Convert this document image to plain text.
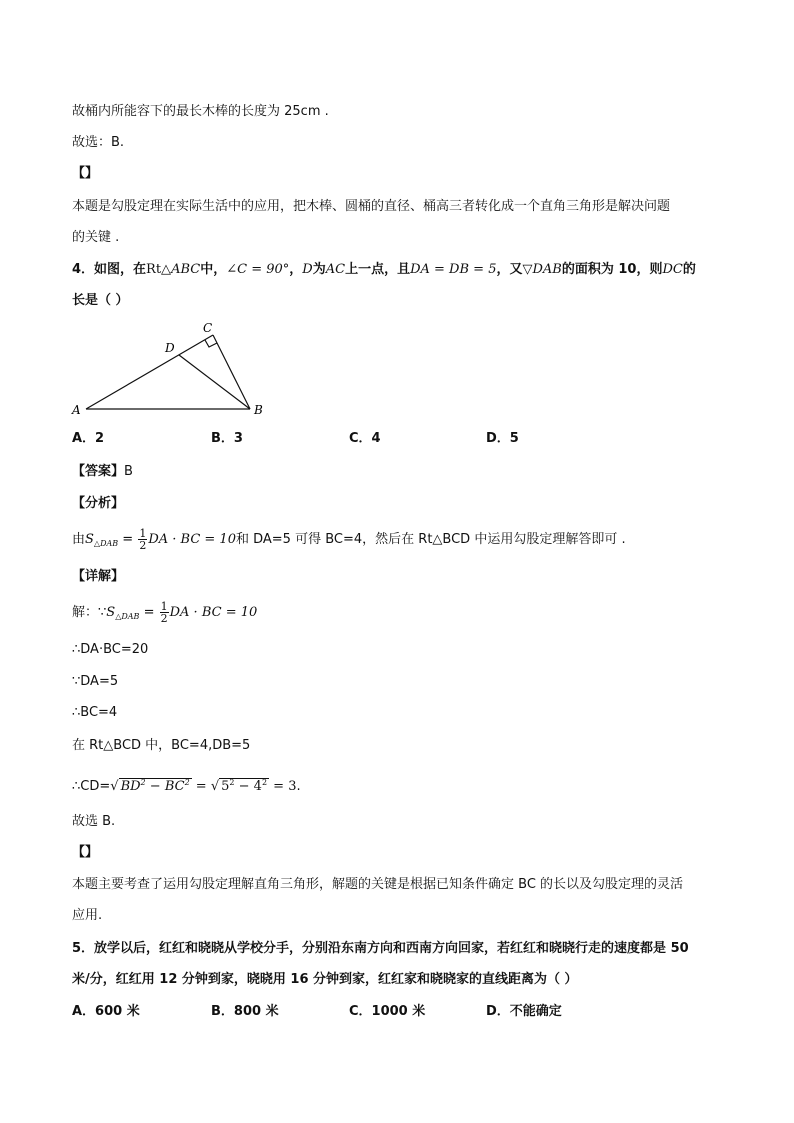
故桶内所能容下的最长木棒的长度为 25cm .
故选：B.
【】
本题是勾股定理在实际生活中的应用，把木棒、圆桶的直径、桶高三者转化成一个直角三角形是解决问题
的关键 .
4．如图，在Rt△ABC中，∠C = 90°，D为AC上一点，且DA = DB = 5，又▽DAB的面积为 10，则DC的
长是（ ）
A	B
C
D
A．2	B．3	C．4	D．5
【答案】B
【分析】
由$S_{\triangle DAB} = \frac{1}{2}$ DA · BC = 10和 DA=5 可得 BC=4，然后在 Rt△BCD 中运用勾股定理解答即可 .
【详解】
解：$\because S_{\triangle DAB} = \frac{1}{2}$ DA · BC = 10
∴DA·BC=20
∵DA=5
∴BC=4
在 Rt△BCD 中，BC=4,DB=5
∴CD=√ $BD^2 - BC^2$ = √ $5^2 - 4^2 = 3$.
故选 B.
【】
本题主要考查了运用勾股定理解直角三角形，解题的关键是根据已知条件确定 BC 的长以及勾股定理的灵活
应用.
5．放学以后，红红和晓晓从学校分手，分别沿东南方向和西南方向回家，若红红和晓晓行走的速度都是 50
米/分，红红用 12 分钟到家，晓晓用 16 分钟到家，红红家和晓晓家的直线距离为（ ）
A．600 米	B．800 米	C．1000 米	D．不能确定
